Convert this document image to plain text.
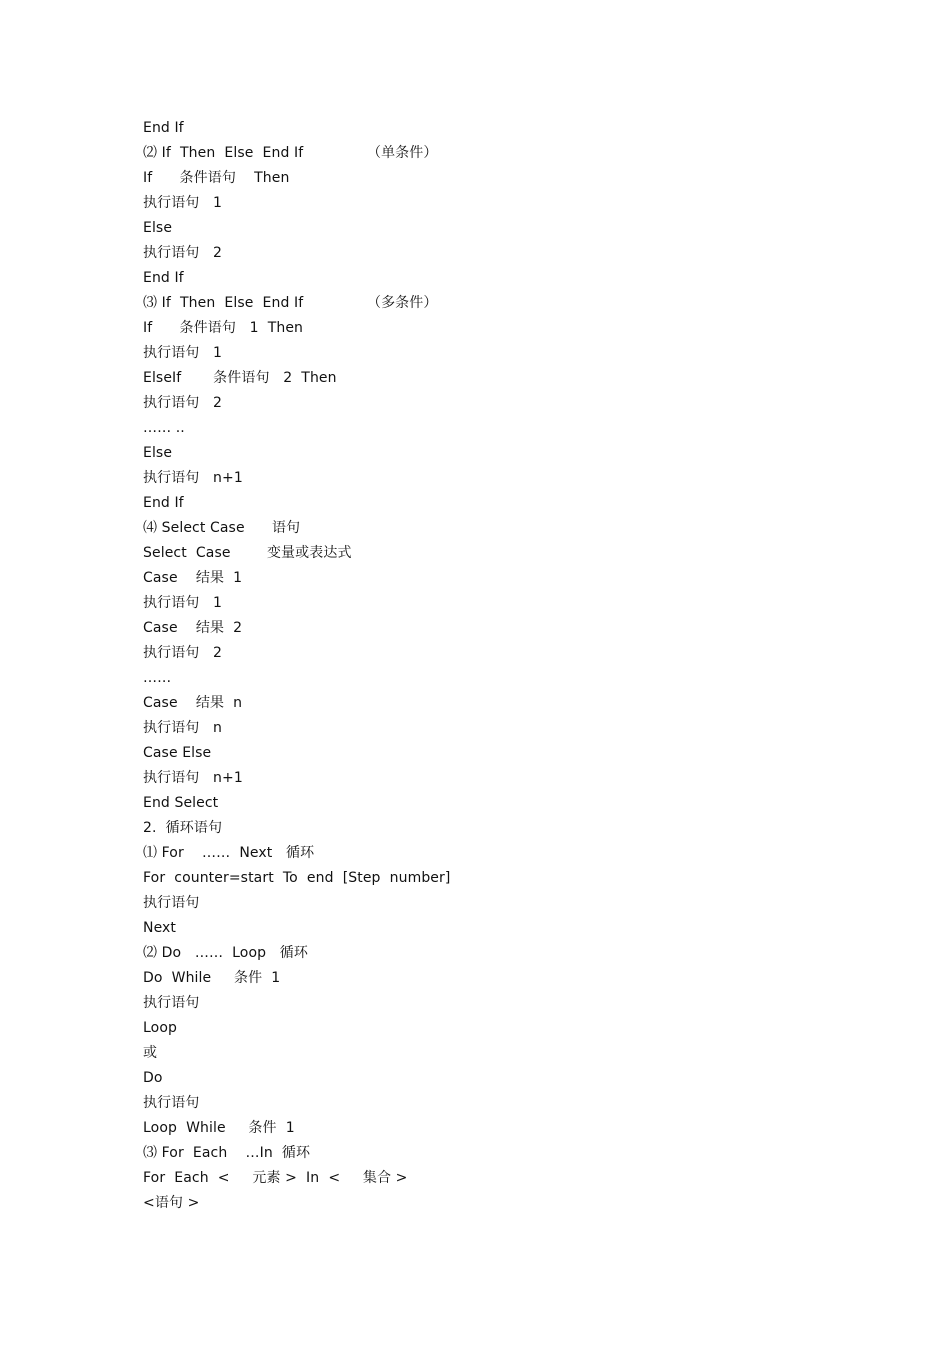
End If
⑵ If  Then  Else  End If              （单条件）
If      条件语句    Then
执行语句   1
Else
执行语句   2
End If
⑶ If  Then  Else  End If              （多条件）
If      条件语句   1  Then
执行语句   1
ElseIf       条件语句   2  Then
执行语句   2
…… ..
Else
执行语句   n+1
End If
⑷ Select Case      语句
Select  Case        变量或表达式
Case    结果  1
执行语句   1
Case    结果  2
执行语句   2
……
Case    结果  n
执行语句   n
Case Else
执行语句   n+1
End Select
2.  循环语句
⑴ For    ……  Next   循环
For  counter=start  To  end  [Step  number]
执行语句
Next
⑵ Do   ……  Loop   循环
Do  While     条件  1
执行语句
Loop
或
Do
执行语句
Loop  While     条件  1
⑶ For  Each    …In  循环
For  Each  <     元素 >  In  <     集合 >
<语句 >
